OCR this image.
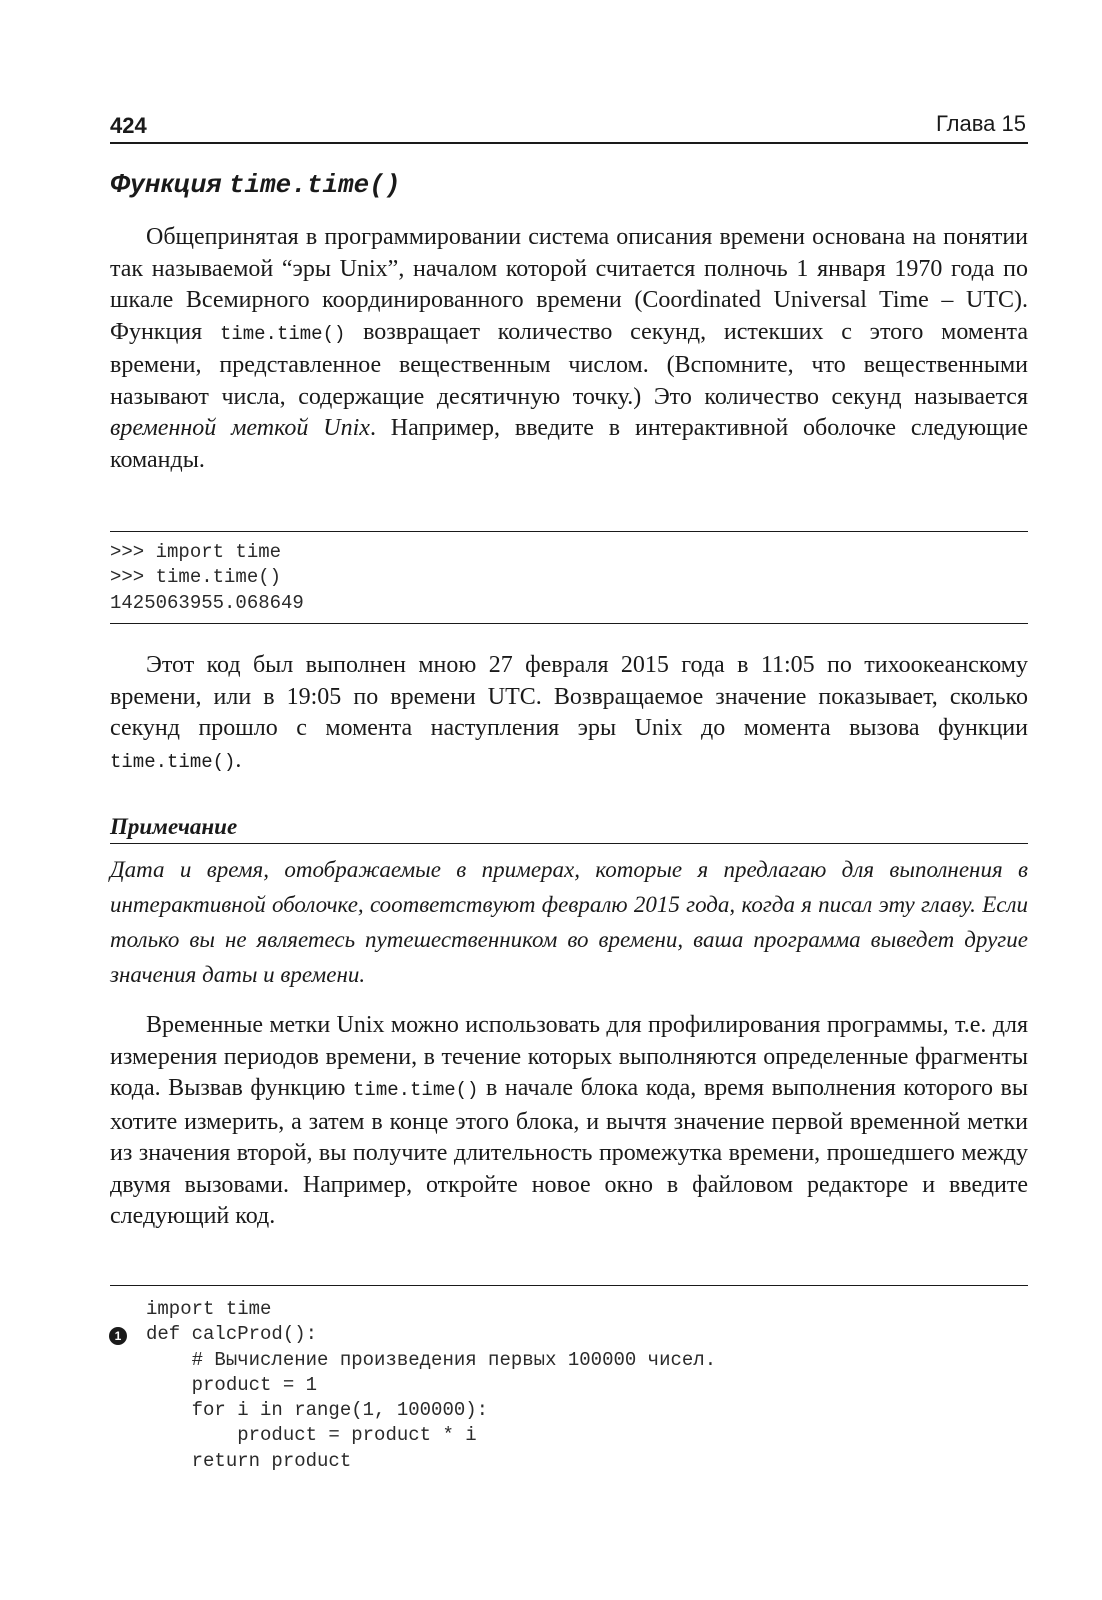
424	Глава 15
Функция time.time()

Общепринятая в программировании система описания времени основана на понятии так называемой “эры Unix”, началом которой считается полночь 1 января 1970 года по шкале Всемирного координированного времени (Coordinated Universal Time – UTC). Функция time.time() возвращает количество секунд, истекших с этого момента времени, представленное вещественным числом. (Вспомните, что вещественными называют числа, содержащие десятичную точку.) Это количество секунд называется временной меткой Unix. Например, введите в интерактивной оболочке следующие команды.

>>> import time
>>> time.time()
1425063955.068649

Этот код был выполнен мною 27 февраля 2015 года в 11:05 по тихоокеанскому времени, или в 19:05 по времени UTC. Возвращаемое значение показывает, сколько секунд прошло с момента наступления эры Unix до момента вызова функции time.time().

Примечание

Дата и время, отображаемые в примерах, которые я предлагаю для выполнения в интерактивной оболочке, соответствуют февралю 2015 года, когда я писал эту главу. Если только вы не являетесь путешественником во времени, ваша программа выведет другие значения даты и времени.

Временные метки Unix можно использовать для профилирования программы, т.е. для измерения периодов времени, в течение которых выполняются определенные фрагменты кода. Вызвав функцию time.time() в начале блока кода, время выполнения которого вы хотите измерить, а затем в конце этого блока, и вычтя значение первой временной метки из значения второй, вы получите длительность промежутка времени, прошедшего между двумя вызовами. Например, откройте новое окно в файловом редакторе и введите следующий код.

1
import time
def calcProd():
# Вычисление произведения первых 100000 чисел.
product = 1
for i in range(1, 100000):
product = product * i
return product
